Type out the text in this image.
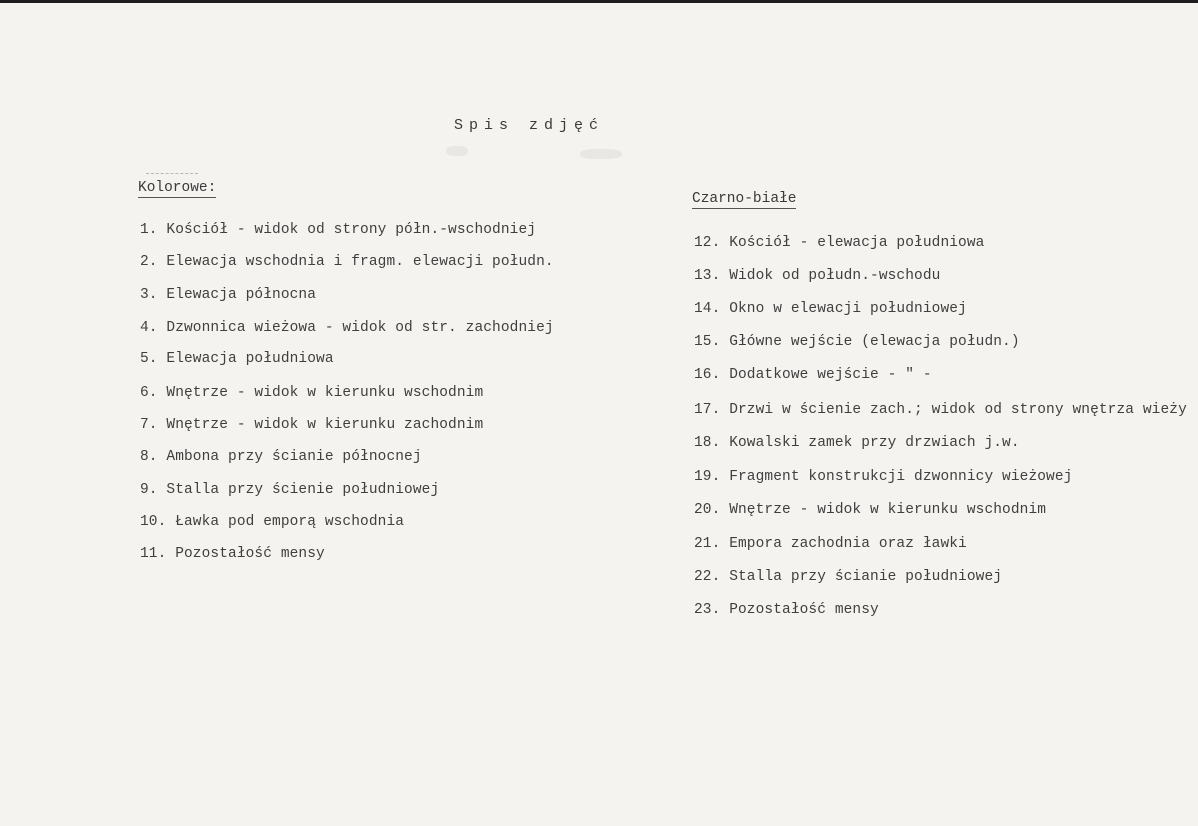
Spis zdjęć
Kolorowe:
1. Kościół - widok od strony półn.-wschodniej
2. Elewacja wschodnia i fragm. elewacji połudn.
3. Elewacja północna
4. Dzwonnica wieżowa - widok od str. zachodniej
5. Elewacja południowa
6. Wnętrze - widok w kierunku wschodnim
7. Wnętrze - widok w kierunku zachodnim
8. Ambona przy ścianie północnej
9. Stalla przy ścienie południowej
10. Ławka pod emporą wschodnia
11. Pozostałość mensy
Czarno-białe
12. Kościół - elewacja południowa
13. Widok od połudn.-wschodu
14. Okno w elewacji południowej
15. Główne wejście (elewacja połudn.)
16. Dodatkowe wejście - " -
17. Drzwi w ścienie zach.; widok od strony wnętrza wieży
18. Kowalski zamek przy drzwiach j.w.
19. Fragment konstrukcji dzwonnicy wieżowej
20. Wnętrze - widok w kierunku wschodnim
21. Empora zachodnia oraz ławki
22. Stalla przy ścianie południowej
23. Pozostałość mensy
